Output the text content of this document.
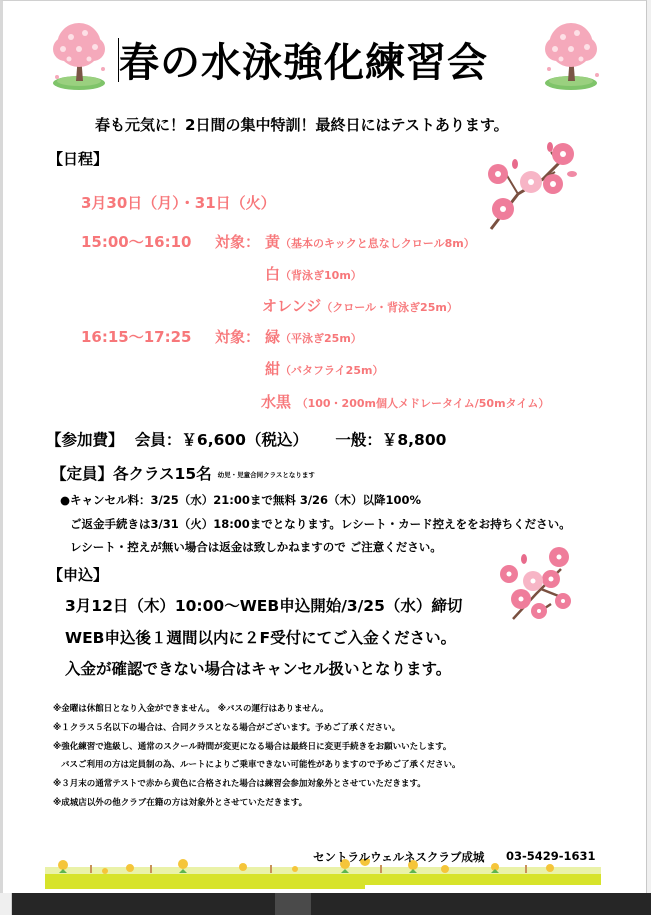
春の水泳強化練習会
春も元気に！2日間の集中特訓！最終日にはテストあります。
【日程】
3月30日（月）・31日（火）
15:00～16:10 対象： 黄（基本のキックと息なしクロール8m）
白（背泳ぎ10m）
オレンジ（クロール・背泳ぎ25m）
16:15～17:25 対象： 緑（平泳ぎ25m）
紺（バタフライ25m）
水黒 （100・200m個人メドレータイム/50mタイム）
【参加費】 会員：￥6,600（税込） 一般：￥8,800
【定員】各クラス15名 幼児・児童合同クラスとなります
●キャンセル料：3/25（水）21:00まで無料 3/26（木）以降100%
ご返金手続きは3/31（火）18:00までとなります。レシート・カード控えををお持ちください。
レシート・控えが無い場合は返金は致しかねますので ご注意ください。
【申込】
3月12日（木）10:00～WEB申込開始/3/25（水）締切
WEB申込後１週間以内に２F受付にてご入金ください。
入金が確認できない場合はキャンセル扱いとなります。
※金曜は休館日となり入金ができません。 ※バスの運行はありません。
※１クラス５名以下の場合は、合同クラスとなる場合がございます。予めご了承ください。
※強化練習で進級し、通常のスクール時間が変更になる場合は最終日に変更手続きをお願いいたします。
バスご利用の方は定員制の為、ルートによりご乗車できない可能性がありますので予めご了承ください。
※３月末の通常テストで赤から黄色に合格された場合は練習会参加対象外とさせていただきます。
※成城店以外の他クラブ在籍の方は対象外とさせていただきます。
セントラルウェルネスクラブ成城 03-5429-1631
